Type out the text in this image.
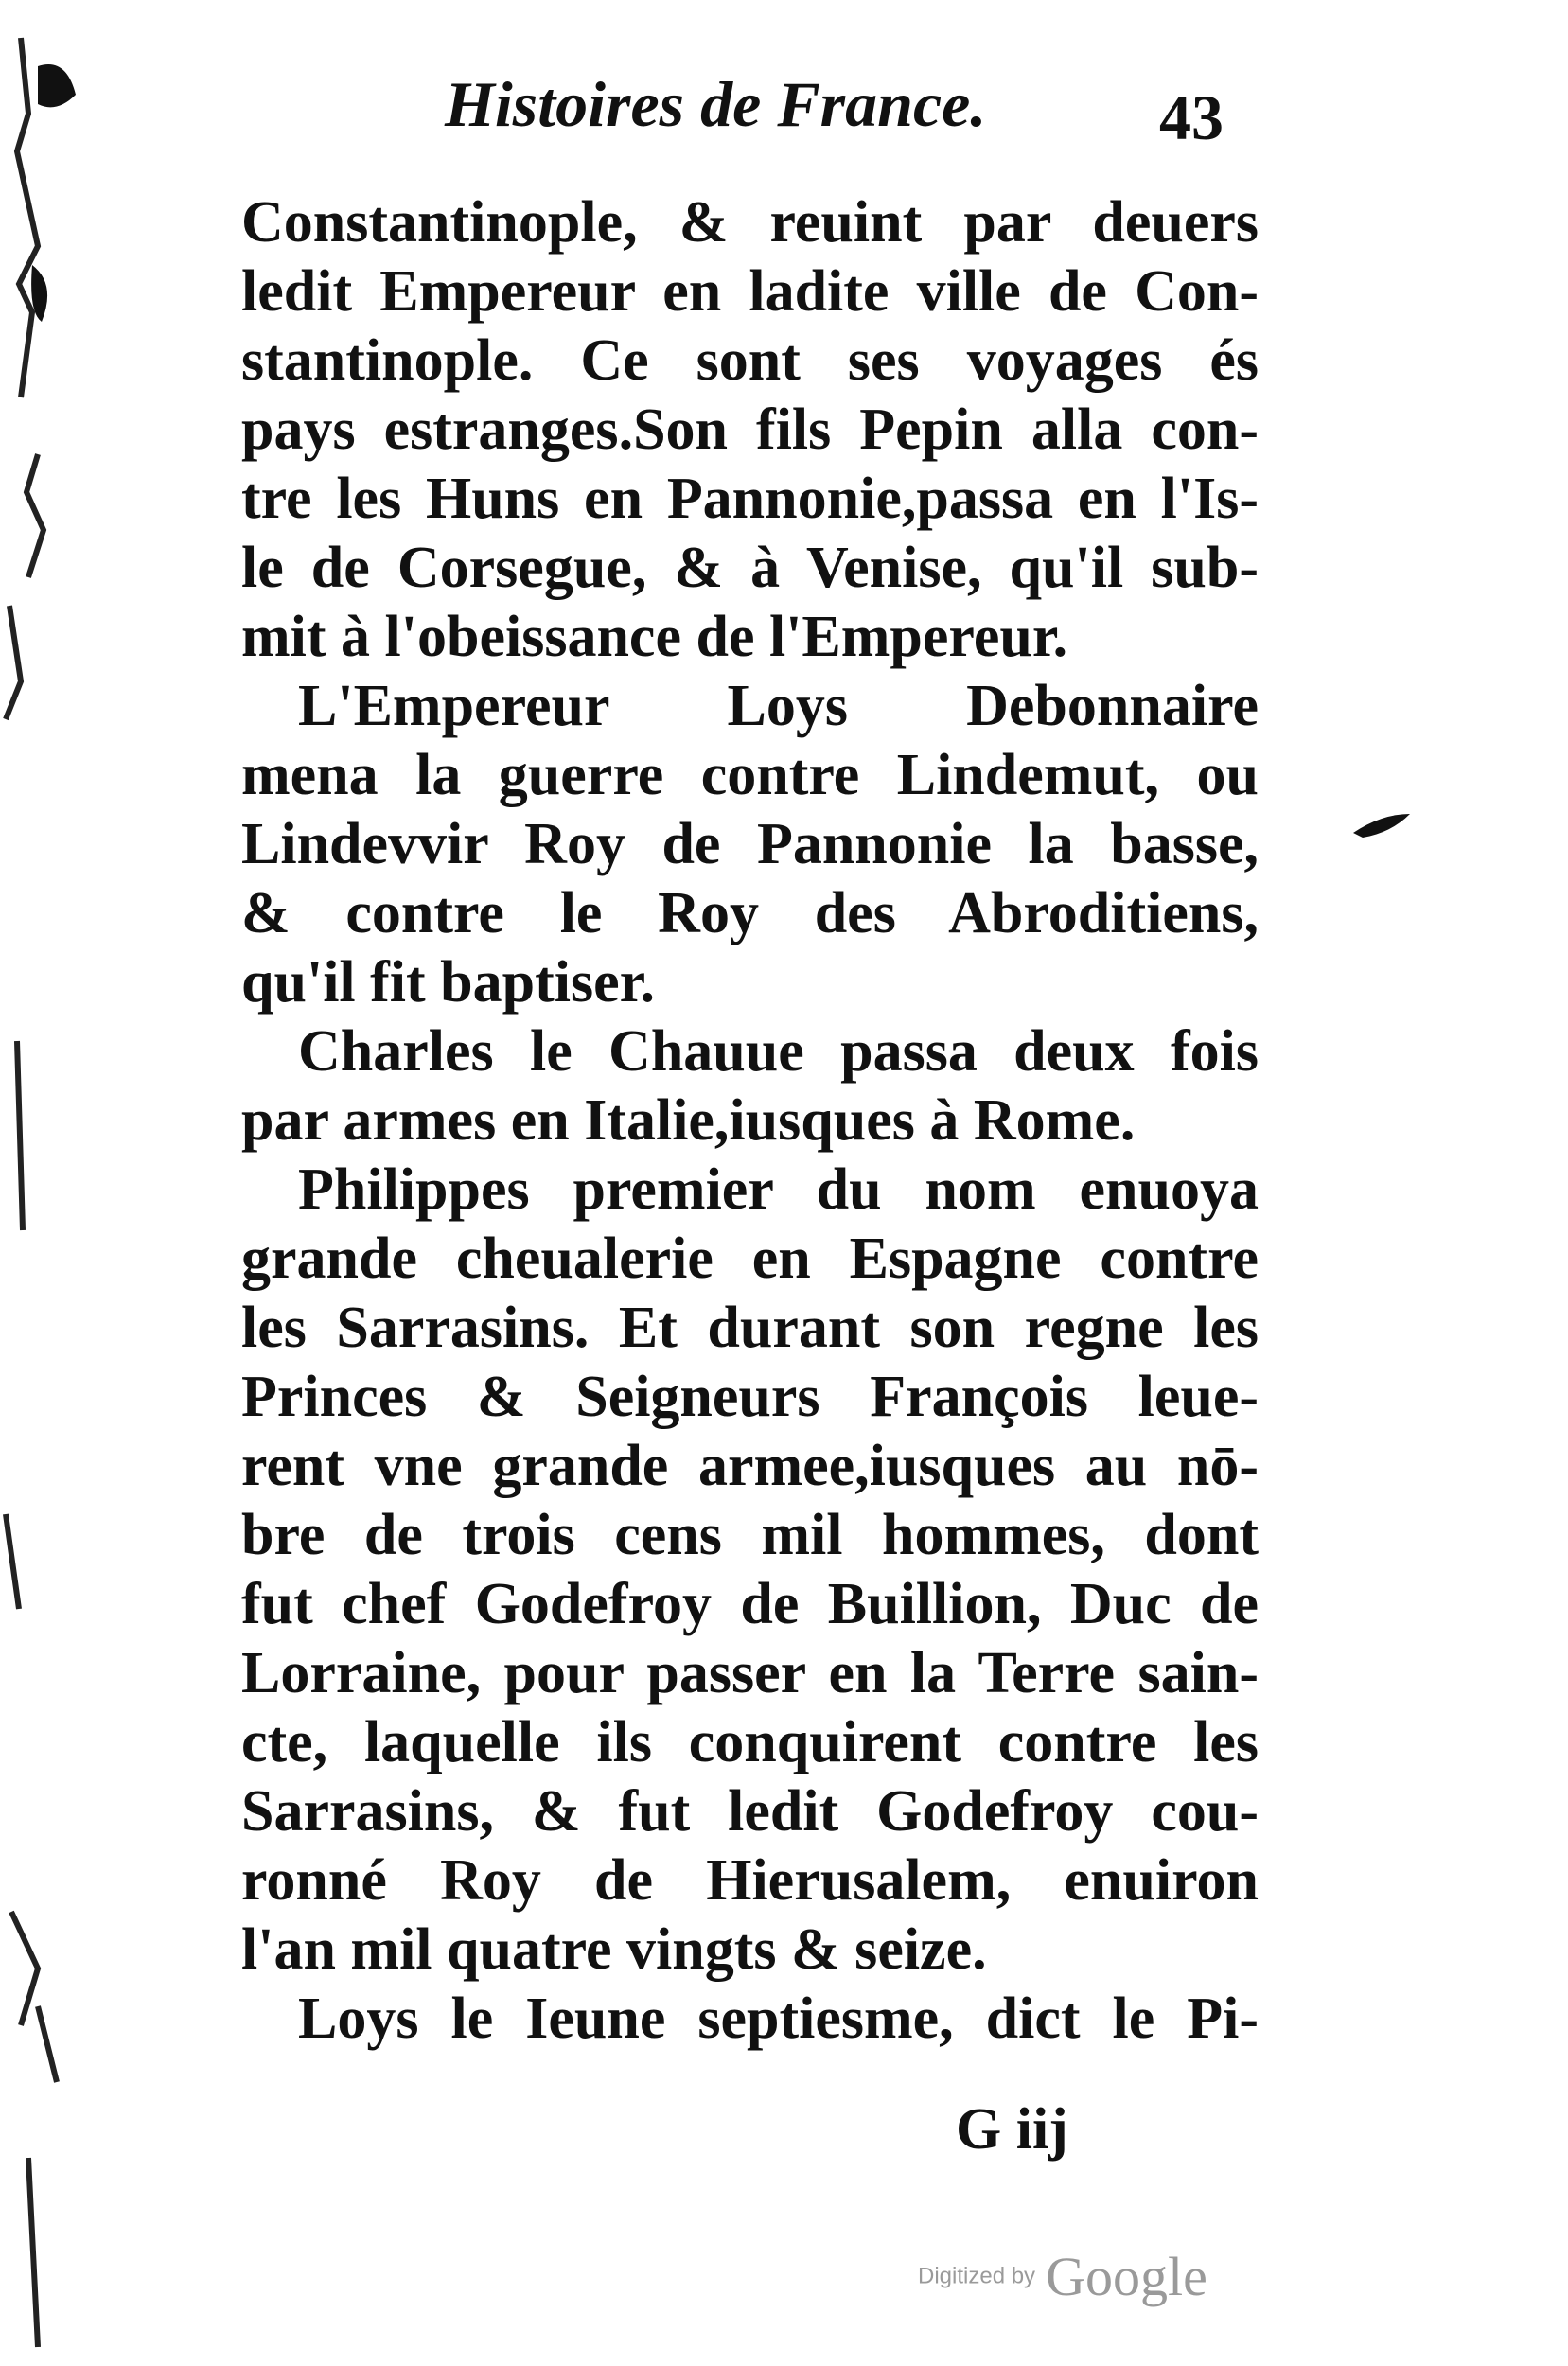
Histoires de France.	43
Constantinople, & reuint par deuers
ledit Empereur en ladite ville de Con-
stantinople. Ce sont ses voyages és
pays estranges.Son fils Pepin alla con-
tre les Huns en Pannonie,passa en l'Is-
le de Corsegue, & à Venise, qu'il sub-
mit à l'obeissance de l'Empereur.
L'Empereur Loys Debonnaire
mena la guerre contre Lindemut, ou
Lindevvir Roy de Pannonie la basse,
& contre le Roy des Abroditiens,
qu'il fit baptiser.
Charles le Chauue passa deux fois
par armes en Italie,iusques à Rome.
Philippes premier du nom enuoya
grande cheualerie en Espagne contre
les Sarrasins. Et durant son regne les
Princes & Seigneurs François leue-
rent vne grande armee,iusques au nō-
bre de trois cens mil hommes, dont
fut chef Godefroy de Buillion, Duc de
Lorraine, pour passer en la Terre sain-
cte, laquelle ils conquirent contre les
Sarrasins, & fut ledit Godefroy cou-
ronné Roy de Hierusalem, enuiron
l'an mil quatre vingts & seize.
Loys le Ieune septiesme, dict le Pi-
G iij
Digitized by Google
